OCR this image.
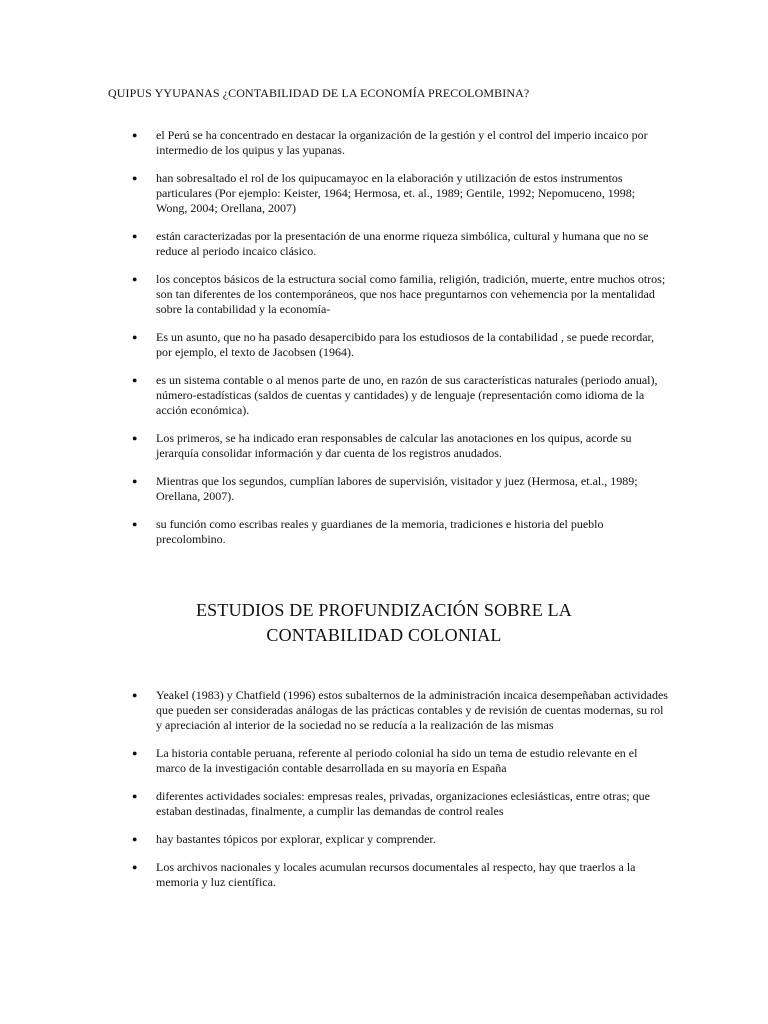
QUIPUS YYUPANAS ¿CONTABILIDAD DE LA ECONOMÍA PRECOLOMBINA?
● el Perú se ha concentrado en destacar la organización de la gestión y el control del imperio incaico por intermedio de los quipus y las yupanas.
● han sobresaltado el rol de los quipucamayoc en la elaboración y utilización de estos instrumentos particulares (Por ejemplo: Keister, 1964; Hermosa, et. al., 1989; Gentile, 1992; Nepomuceno, 1998; Wong, 2004; Orellana, 2007)
● están caracterizadas por la presentación de una enorme riqueza simbólica, cultural y humana que no se reduce al periodo incaico clásico.
● los conceptos básicos de la estructura social como familia, religión, tradición, muerte, entre muchos otros; son tan diferentes de los contemporáneos, que nos hace preguntarnos con vehemencia por la mentalidad sobre la contabilidad y la economía-
● Es un asunto, que no ha pasado desapercibido para los estudiosos de la contabilidad , se puede recordar, por ejemplo, el texto de Jacobsen (1964).
● es un sistema contable o al menos parte de uno, en razón de sus características naturales (periodo anual), número-estadísticas (saldos de cuentas y cantidades) y de lenguaje (representación como idioma de la acción económica).
● Los primeros, se ha indicado eran responsables de calcular las anotaciones en los quipus, acorde su jerarquía consolidar información y dar cuenta de los registros anudados.
● Mientras que los segundos, cumplían labores de supervisión, visitador y juez (Hermosa, et.al., 1989; Orellana, 2007).
● su función como escribas reales y guardianes de la memoria, tradiciones e historia del pueblo precolombino.
ESTUDIOS DE PROFUNDIZACIÓN SOBRE LA
CONTABILIDAD COLONIAL
● Yeakel (1983) y Chatfield (1996) estos subalternos de la administración incaica desempeñaban actividades que pueden ser consideradas análogas de las prácticas contables y de revisión de cuentas modernas, su rol y apreciación al interior de la sociedad no se reducía a la realización de las mismas
● La historia contable peruana, referente al periodo colonial ha sido un tema de estudio relevante en el marco de la investigación contable desarrollada en su mayoría en España
● diferentes actividades sociales: empresas reales, privadas, organizaciones eclesiásticas, entre otras; que estaban destinadas, finalmente, a cumplir las demandas de control reales
● hay bastantes tópicos por explorar, explicar y comprender.
● Los archivos nacionales y locales acumulan recursos documentales al respecto, hay que traerlos a la memoria y luz científica.
